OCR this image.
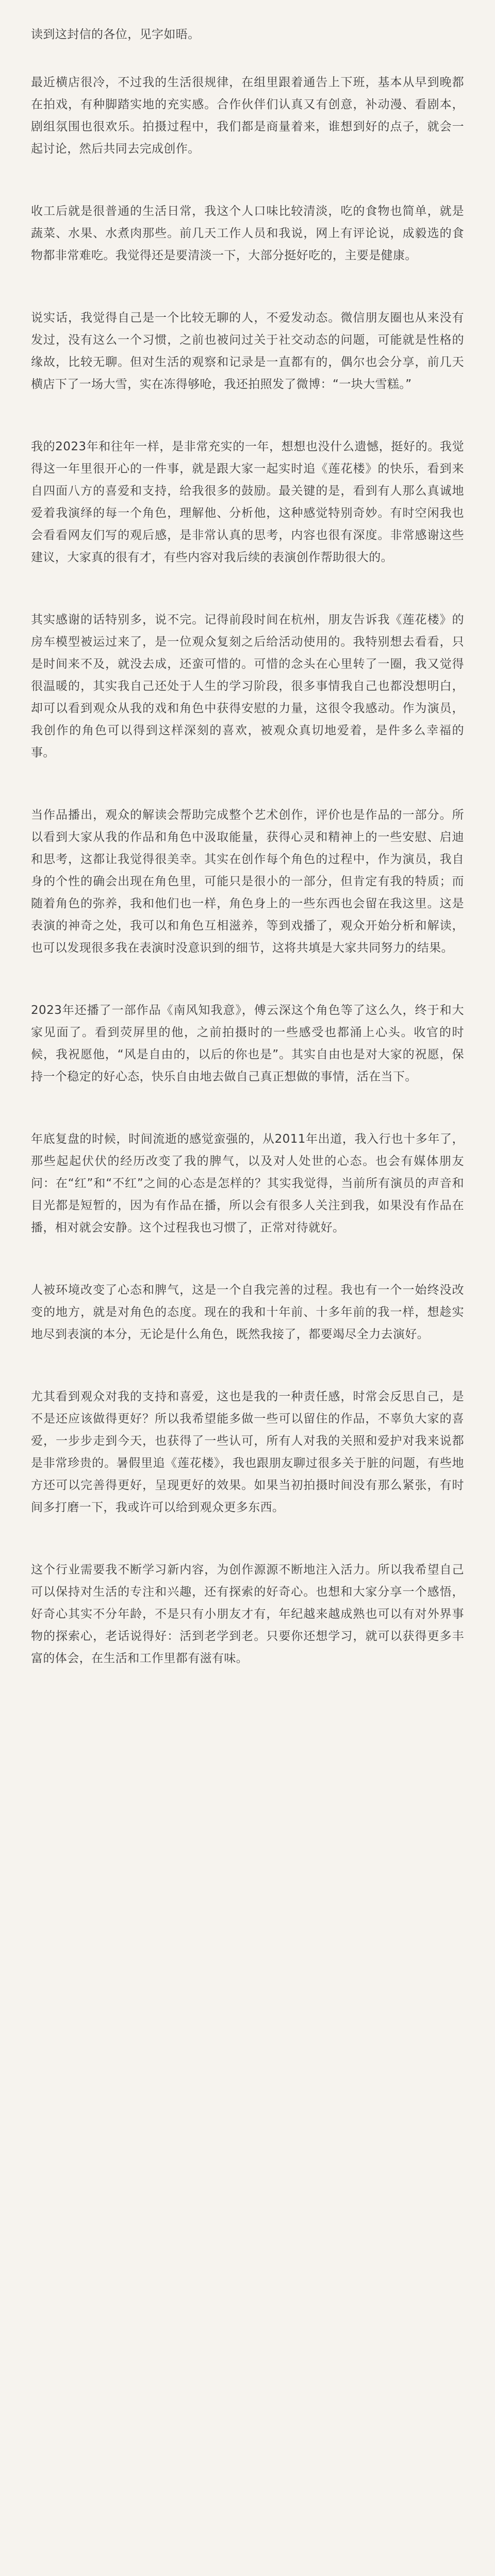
读到这封信的各位，见字如晤。

最近横店很冷，不过我的生活很规律，在组里跟着通告上下班，基本从早到晚都在拍戏，有种脚踏实地的充实感。合作伙伴们认真又有创意，补动漫、看剧本，剧组氛围也很欢乐。拍摄过程中，我们都是商量着来，谁想到好的点子，就会一起讨论，然后共同去完成创作。

收工后就是很普通的生活日常，我这个人口味比较清淡，吃的食物也简单，就是蔬菜、水果、水煮肉那些。前几天工作人员和我说，网上有评论说，成毅选的食物都非常难吃。我觉得还是要清淡一下，大部分挺好吃的，主要是健康。

说实话，我觉得自己是一个比较无聊的人，不爱发动态。微信朋友圈也从来没有发过，没有这么一个习惯，之前也被问过关于社交动态的问题，可能就是性格的缘故，比较无聊。但对生活的观察和记录是一直都有的，偶尔也会分享，前几天横店下了一场大雪，实在冻得够呛，我还拍照发了微博：“一块大雪糕。”

我的2023年和往年一样，是非常充实的一年，想想也没什么遗憾，挺好的。我觉得这一年里很开心的一件事，就是跟大家一起实时追《莲花楼》的快乐，看到来自四面八方的喜爱和支持，给我很多的鼓励。最关键的是，看到有人那么真诚地爱着我演绎的每一个角色，理解他、分析他，这种感觉特别奇妙。有时空闲我也会看看网友们写的观后感，是非常认真的思考，内容也很有深度。非常感谢这些建议，大家真的很有才，有些内容对我后续的表演创作帮助很大的。

其实感谢的话特别多，说不完。记得前段时间在杭州，朋友告诉我《莲花楼》的房车模型被运过来了，是一位观众复刻之后给活动使用的。我特别想去看看，只是时间来不及，就没去成，还蛮可惜的。可惜的念头在心里转了一圈，我又觉得很温暖的，其实我自己还处于人生的学习阶段，很多事情我自己也都没想明白，却可以看到观众从我的戏和角色中获得安慰的力量，这很令我感动。作为演员，我创作的角色可以得到这样深刻的喜欢，被观众真切地爱着，是件多么幸福的事。

当作品播出，观众的解读会帮助完成整个艺术创作，评价也是作品的一部分。所以看到大家从我的作品和角色中汲取能量，获得心灵和精神上的一些安慰、启迪和思考，这都让我觉得很美幸。其实在创作每个角色的过程中，作为演员，我自身的个性的确会出现在角色里，可能只是很小的一部分，但肯定有我的特质；而随着角色的弥养，我和他们也一样，角色身上的一些东西也会留在我这里。这是表演的神奇之处，我可以和角色互相滋养，等到戏播了，观众开始分析和解读，也可以发现很多我在表演时没意识到的细节，这将共填是大家共同努力的结果。

2023年还播了一部作品《南风知我意》，傅云深这个角色等了这么久，终于和大家见面了。看到荧屏里的他，之前拍摄时的一些感受也都涌上心头。收官的时候，我祝愿他，“风是自由的，以后的你也是”。其实自由也是对大家的祝愿，保持一个稳定的好心态，快乐自由地去做自己真正想做的事情，活在当下。

年底复盘的时候，时间流逝的感觉蛮强的，从2011年出道，我入行也十多年了，那些起起伏伏的经历改变了我的脾气，以及对人处世的心态。也会有媒体朋友问：在“红”和“不红”之间的心态是怎样的？其实我觉得，当前所有演员的声音和目光都是短暂的，因为有作品在播，所以会有很多人关注到我，如果没有作品在播，相对就会安静。这个过程我也习惯了，正常对待就好。

人被环境改变了心态和脾气，这是一个自我完善的过程。我也有一个一始终没改变的地方，就是对角色的态度。现在的我和十年前、十多年前的我一样，想趁实地尽到表演的本分，无论是什么角色，既然我接了，都要竭尽全力去演好。

尤其看到观众对我的支持和喜爱，这也是我的一种责任感，时常会反思自己，是不是还应该做得更好？所以我希望能多做一些可以留住的作品，不辜负大家的喜爱，一步步走到今天，也获得了一些认可，所有人对我的关照和爱护对我来说都是非常珍贵的。暑假里追《莲花楼》，我也跟朋友聊过很多关于脏的问题，有些地方还可以完善得更好，呈现更好的效果。如果当初拍摄时间没有那么紧张，有时间多打磨一下，我或许可以给到观众更多东西。

这个行业需要我不断学习新内容，为创作源源不断地注入活力。所以我希望自己可以保持对生活的专注和兴趣，还有探索的好奇心。也想和大家分享一个感悟，好奇心其实不分年龄，不是只有小朋友才有，年纪越来越成熟也可以有对外界事物的探索心，老话说得好：活到老学到老。只要你还想学习，就可以获得更多丰富的体会，在生活和工作里都有滋有味。
